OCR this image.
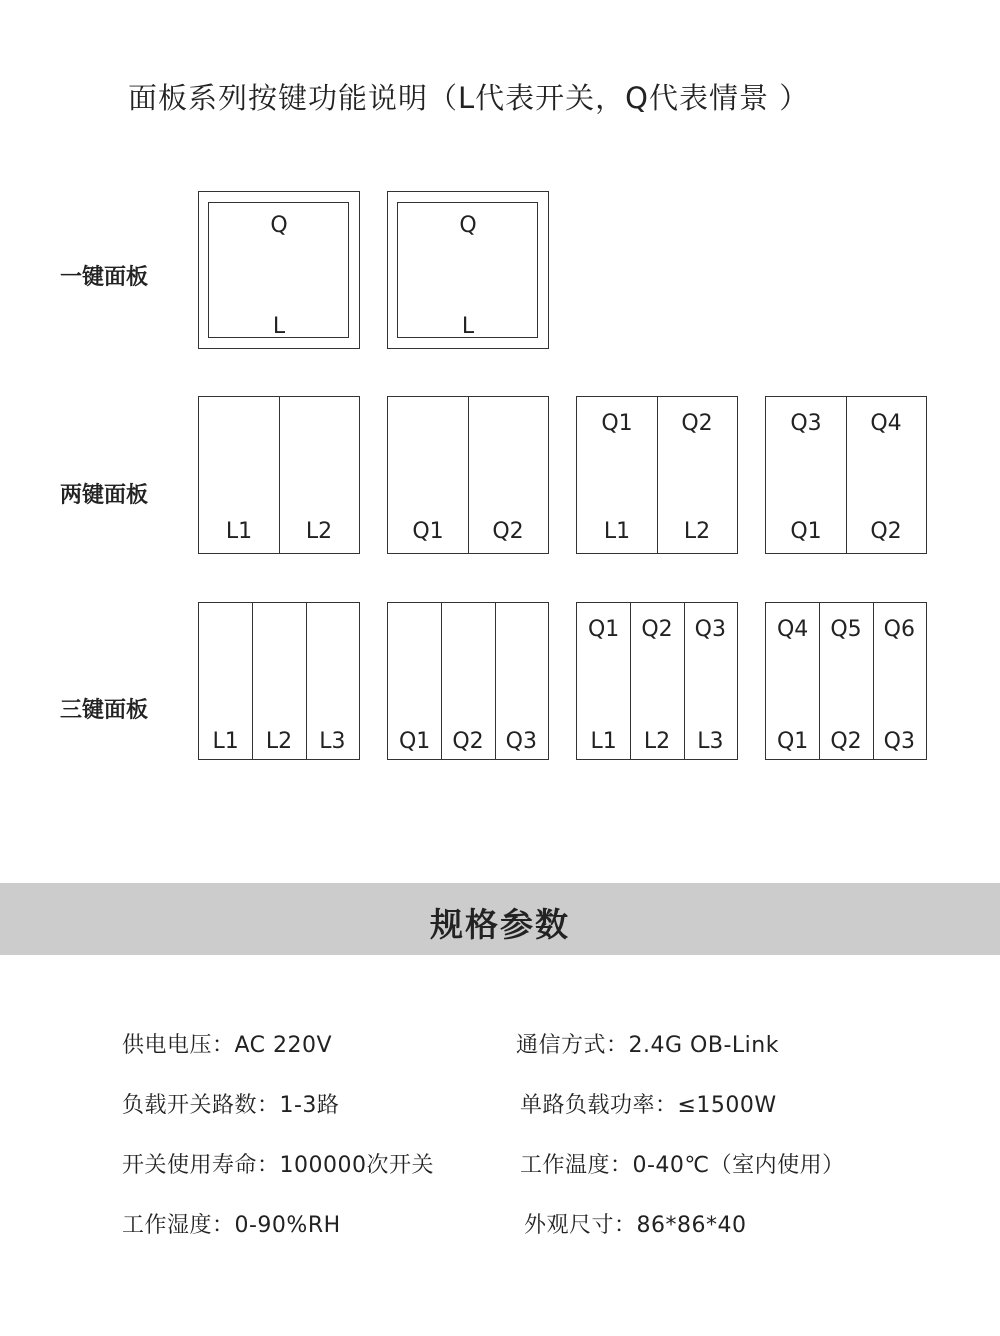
面板系列按键功能说明（L代表开关，Q代表情景 ）
一键面板
两键面板
三键面板
Q
L
Q
L
L1 L2	Q1 Q2
Q1
L1
Q2
L2
Q3
Q1
Q4
Q2
L1 L2 L3 Q1 Q2 Q3
Q1
L1
Q2
L2
Q3
L3
Q4
Q1
Q5
Q2
Q6
Q3
规格参数
供电电压：AC 220V	通信方式：2.4G OB-Link
负载开关路数：1-3路	单路负载功率：≤1500W
开关使用寿命：100000次开关	工作温度：0-40℃（室内使用）
工作湿度：0-90%RH	外观尺寸：86*86*40
